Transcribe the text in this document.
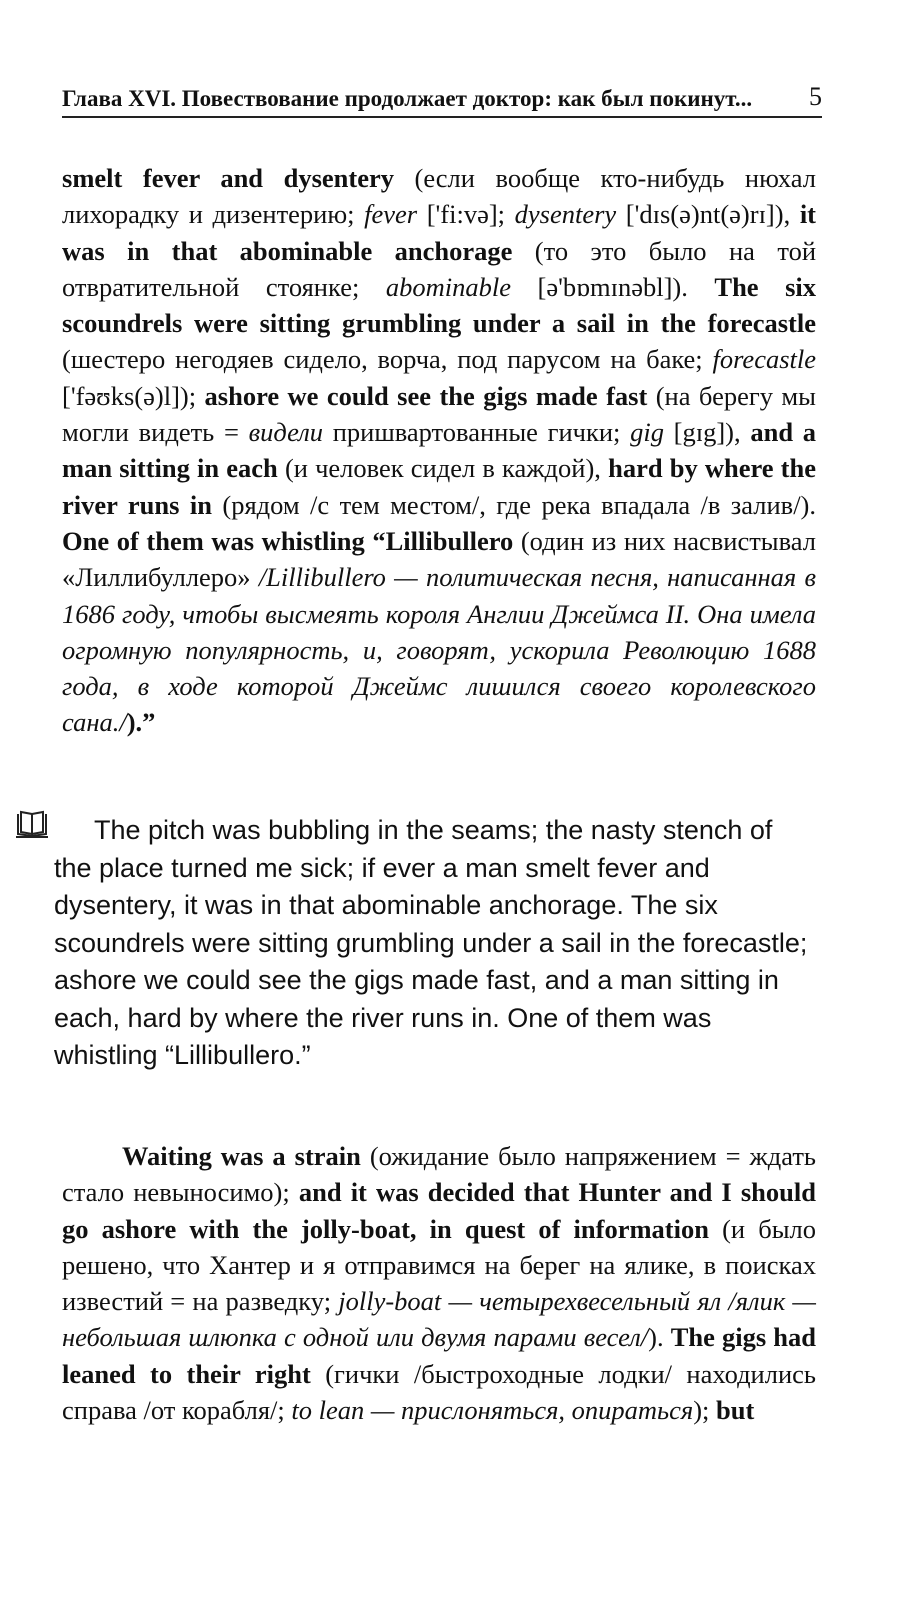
Глава XVI. Повествование продолжает доктор: как был покинут... 5
smelt fever and dysentery (если вообще кто-нибудь нюхал лихорадку и дизентерию; fever ['fi:və]; dysentery ['dɪs(ə)nt(ə)rɪ]), it was in that abominable anchorage (то это было на той отвратительной стоянке; abominable [ə'bɒmɪnəbl]). The six scoundrels were sitting grumbling under a sail in the forecastle (шестеро негодяев сидело, ворча, под парусом на баке; forecastle ['fəʊks(ə)l]); ashore we could see the gigs made fast (на берегу мы могли видеть = видели пришвартованные гички; gig [gɪg]), and a man sitting in each (и человек сидел в каждой), hard by where the river runs in (рядом /с тем местом/, где река впадала /в залив/). One of them was whistling “Lillibullero (один из них насвистывал «Лиллибуллеро» /Lillibullero — политическая песня, написанная в 1686 году, чтобы высмеять короля Англии Джеймса II. Она имела огромную популярность, и, говорят, ускорила Революцию 1688 года, в ходе которой Джеймс лишился своего королевского сана./).”
The pitch was bubbling in the seams; the nasty stench of the place turned me sick; if ever a man smelt fever and dysentery, it was in that abominable anchorage. The six scoundrels were sitting grumbling under a sail in the forecastle; ashore we could see the gigs made fast, and a man sitting in each, hard by where the river runs in. One of them was whistling “Lillibullero.”
Waiting was a strain (ожидание было напряжением = ждать стало невыносимо); and it was decided that Hunter and I should go ashore with the jolly-boat, in quest of information (и было решено, что Хантер и я отправимся на берег на ялике, в поисках известий = на разведку; jolly-boat — четырехвесельный ял /ялик — небольшая шлюпка с одной или двумя парами весел/). The gigs had leaned to their right (гички /быстроходные лодки/ находились справа /от корабля/; to lean — прислоняться, опираться); but
